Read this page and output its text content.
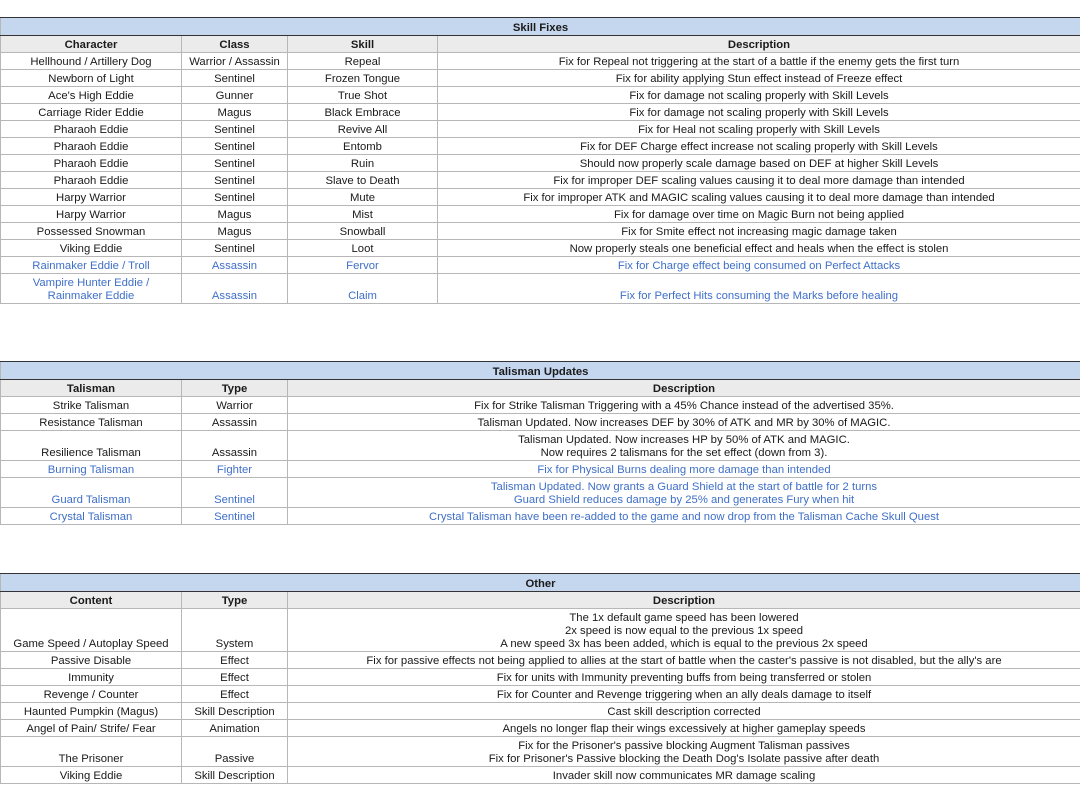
Skill Fixes			
Character	Class	Skill	Description
Hellhound / Artillery Dog	Warrior / Assassin	Repeal	Fix for Repeal not triggering at the start of a battle if the enemy gets the first turn
Newborn of Light	Sentinel	Frozen Tongue	Fix for ability applying Stun effect instead of Freeze effect
Ace's High Eddie	Gunner	True Shot	Fix for damage not scaling properly with Skill Levels
Carriage Rider Eddie	Magus	Black Embrace	Fix for damage not scaling properly with Skill Levels
Pharaoh Eddie	Sentinel	Revive All	Fix for Heal not scaling properly with Skill Levels
Pharaoh Eddie	Sentinel	Entomb	Fix for DEF Charge effect increase not scaling properly with Skill Levels
Pharaoh Eddie	Sentinel	Ruin	Should now properly scale damage based on DEF at higher Skill Levels
Pharaoh Eddie	Sentinel	Slave to Death	Fix for improper DEF scaling values causing it to deal more damage than intended
Harpy Warrior	Sentinel	Mute	Fix for improper ATK and MAGIC scaling values causing it to deal more damage than intended
Harpy Warrior	Magus	Mist	Fix for damage over time on Magic Burn not being applied
Possessed Snowman	Magus	Snowball	Fix for Smite effect not increasing magic damage taken
Viking Eddie	Sentinel	Loot	Now properly steals one beneficial effect and heals when the effect is stolen
Rainmaker Eddie / Troll	Assassin	Fervor	Fix for Charge effect being consumed on Perfect Attacks
Vampire Hunter Eddie / Rainmaker Eddie	Assassin	Claim	Fix for Perfect Hits consuming the Marks before healing
Talisman Updates		
Talisman	Type	Description
Strike Talisman	Warrior	Fix for Strike Talisman Triggering with a 45% Chance instead of the advertised 35%.
Resistance Talisman	Assassin	Talisman Updated. Now increases DEF by 30% of ATK and MR by 30% of MAGIC.
Resilience Talisman	Assassin	Talisman Updated. Now increases HP by 50% of ATK and MAGIC.
Now requires 2 talismans for the set effect (down from 3).

Burning Talisman	Fighter	Fix for Physical Burns dealing more damage than intended
Guard Talisman	Sentinel	Talisman Updated. Now grants a Guard Shield at the start of battle for 2 turns
Guard Shield reduces damage by 25% and generates Fury when hit

Crystal Talisman	Sentinel	Crystal Talisman have been re-added to the game and now drop from the Talisman Cache Skull Quest
Other		
Content	Type	Description
Game Speed / Autoplay Speed	System	The 1x default game speed has been lowered
2x speed is now equal to the previous 1x speed
A new speed 3x has been added, which is equal to the previous 2x speed

Passive Disable	Effect	Fix for passive effects not being applied to allies at the start of battle when the caster's passive is not disabled, but the ally's are
Immunity	Effect	Fix for units with Immunity preventing buffs from being transferred or stolen
Revenge / Counter	Effect	Fix for Counter and Revenge triggering when an ally deals damage to itself
Haunted Pumpkin (Magus)	Skill Description	Cast skill description corrected
Angel of Pain/ Strife/ Fear	Animation	Angels no longer flap their wings excessively at higher gameplay speeds
The Prisoner	Passive	Fix for the Prisoner's passive blocking Augment Talisman passives
Fix for Prisoner's Passive blocking the Death Dog's Isolate passive after death

Viking Eddie	Skill Description	Invader skill now communicates MR damage scaling
